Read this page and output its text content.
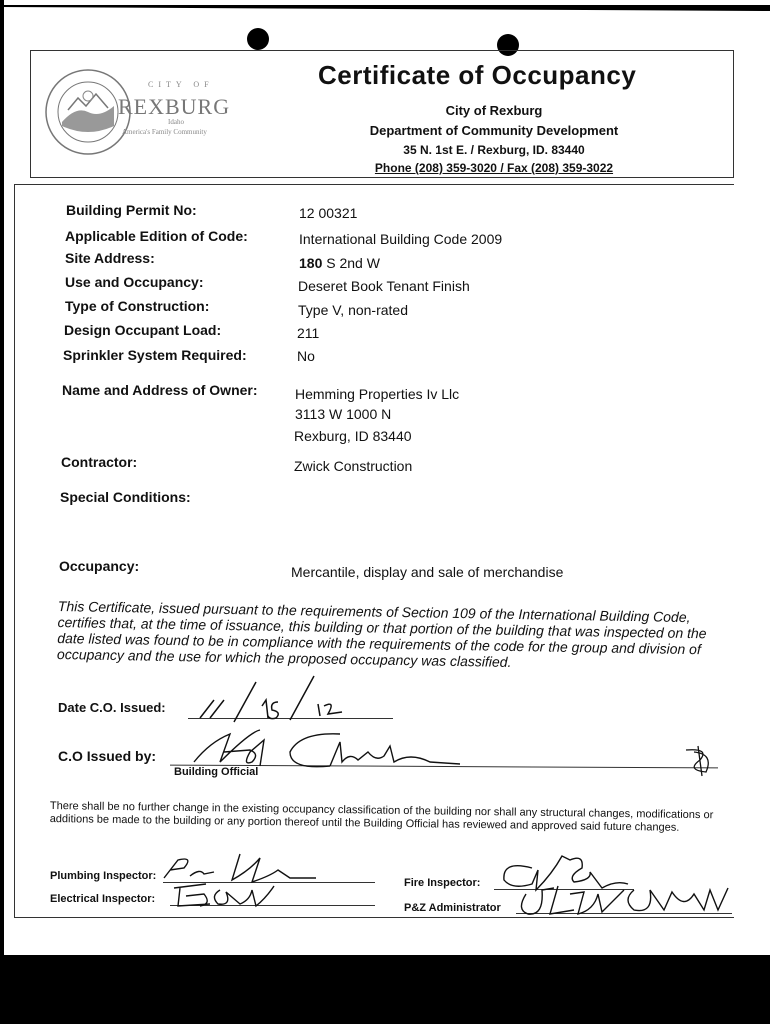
CITY OF
REXBURG
Idaho
America's Family Community
Certificate of Occupancy
City of Rexburg
Department of Community Development
35 N. 1st E. / Rexburg, ID. 83440
Phone (208) 359-3020 / Fax (208) 359-3022
Building Permit No:	12 00321
Applicable Edition of Code:	International Building Code 2009
Site Address:	180 S 2nd W
Use and Occupancy:	Deseret Book Tenant Finish
Type of Construction:	Type V, non-rated
Design Occupant Load:	211
Sprinkler System Required:	No
Name and Address of Owner:	Hemming Properties Iv Llc
3113 W 1000 N
Rexburg, ID 83440
Contractor:	Zwick Construction
Special Conditions:
Occupancy:	Mercantile, display and sale of merchandise
This Certificate, issued pursuant to the requirements of Section 109 of the International Building Code, certifies that, at the time of issuance, this building or that portion of the building that was inspected on the date listed was found to be in compliance with the requirements of the code for the group and division of occupancy and the use for which the proposed occupancy was classified.
Date C.O. Issued:
C.O Issued by:
Building Official
There shall be no further change in the existing occupancy classification of the building nor shall any structural changes, modifications or additions be made to the building or any portion thereof until the Building Official has reviewed and approved said future changes.
Plumbing Inspector:
Electrical Inspector:
Fire Inspector:
P&Z Administrator
